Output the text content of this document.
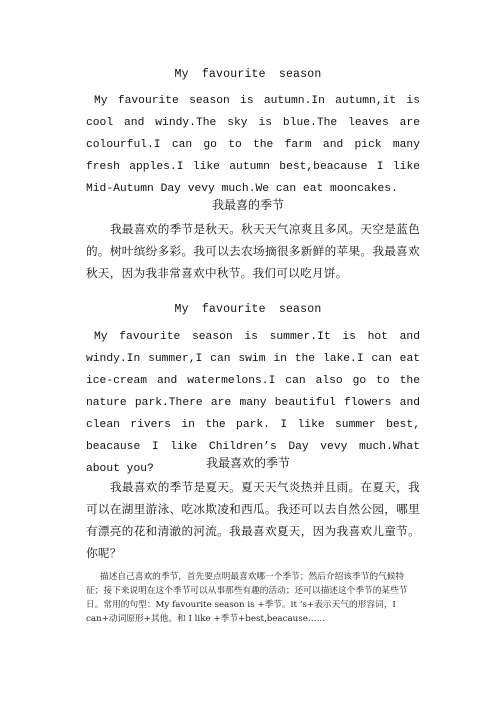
My favourite season
My favourite season is autumn.In autumn,it is cool and windy.The sky is blue.The leaves are colourful.I can go to the farm and pick many fresh apples.I like autumn best,beacause I like Mid-Autumn Day vevy much.We can eat mooncakes.
我最喜的季节
我最喜欢的季节是秋天。秋天天气凉爽且多风。天空是蓝色的。树叶缤纷多彩。我可以去农场摘很多新鲜的苹果。我最喜欢秋天，因为我非常喜欢中秋节。我们可以吃月饼。
My favourite season
My favourite season is summer.It is hot and windy.In summer,I can swim in the lake.I can eat ice-cream and watermelons.I can also go to the nature park.There are many beautiful flowers and clean rivers in the park. I like summer best, beacause I like Children’s Day vevy much.What about you?	我最喜欢的季节
我最喜欢的季节是夏天。夏天天气炎热并且雨。在夏天，我可以在湖里游泳、吃冰欺凌和西瓜。我还可以去自然公园，哪里有漂亮的花和清澈的河流。我最喜欢夏天，因为我喜欢儿童节。你呢？
描述自己喜欢的季节，首先要点明最喜欢哪一个季节；然后介绍该季节的气候特征；接下来说明在这个季节可以从事那些有趣的活动；还可以描述这个季节的某些节日。常用的句型：My favourite season is +季节。it ’s+表示天气的形容词，I can+动词原形+其他。和 I like +季节+best,beacause……
